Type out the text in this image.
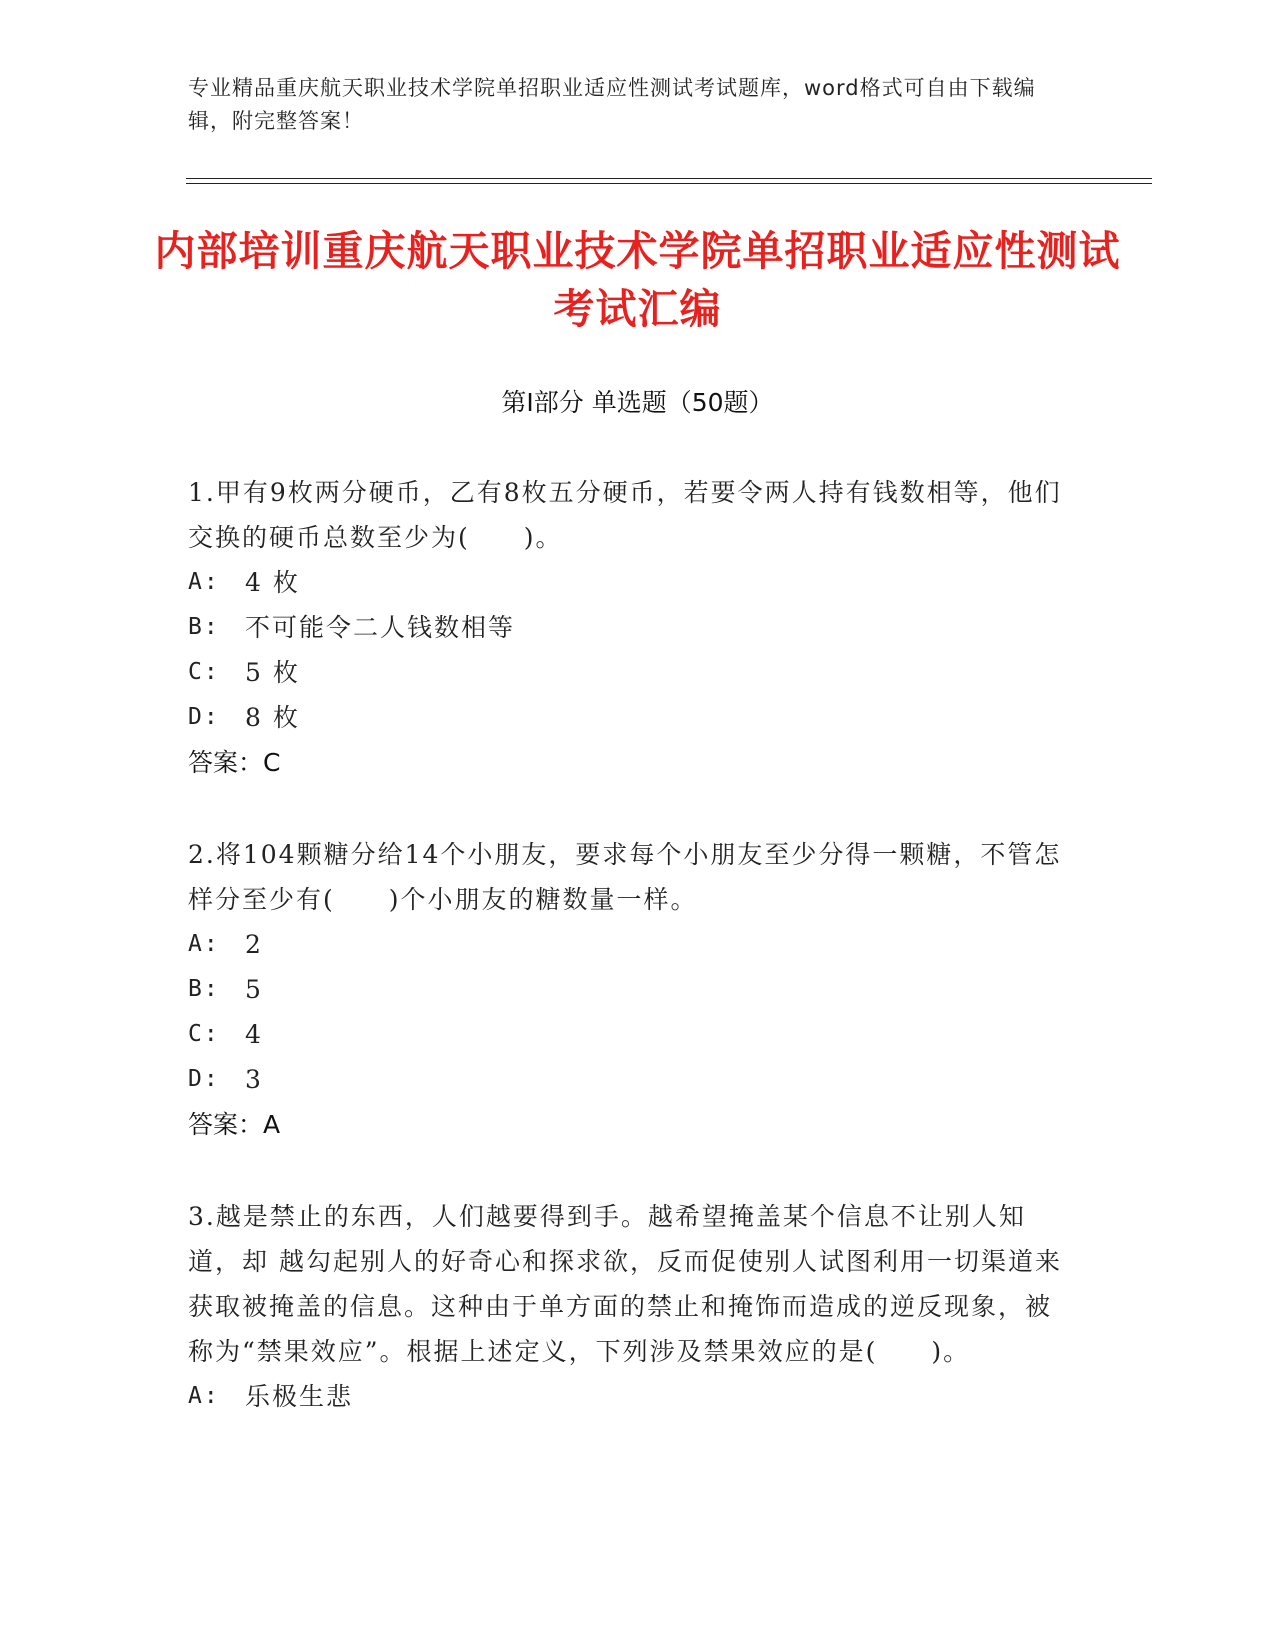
专业精品重庆航天职业技术学院单招职业适应性测试考试题库，word格式可自由下载编辑，附完整答案！
内部培训重庆航天职业技术学院单招职业适应性测试考试汇编
第Ⅰ部分 单选题（50题）
1.甲有9枚两分硬币，乙有8枚五分硬币，若要令两人持有钱数相等，他们交换的硬币总数至少为(　　)。
A:	4 枚
B:	不可能令二人钱数相等
C:	5 枚
D:	8 枚
答案：C
2.将104颗糖分给14个小朋友，要求每个小朋友至少分得一颗糖，不管怎样分至少有(　　)个小朋友的糖数量一样。
A:	2
B:	5
C:	4
D:	3
答案：A
3.越是禁止的东西，人们越要得到手。越希望掩盖某个信息不让别人知道，却 越勾起别人的好奇心和探求欲，反而促使别人试图利用一切渠道来获取被掩盖的信息。这种由于单方面的禁止和掩饰而造成的逆反现象，被称为“禁果效应”。根据上述定义，下列涉及禁果效应的是(　　)。
A:	乐极生悲
